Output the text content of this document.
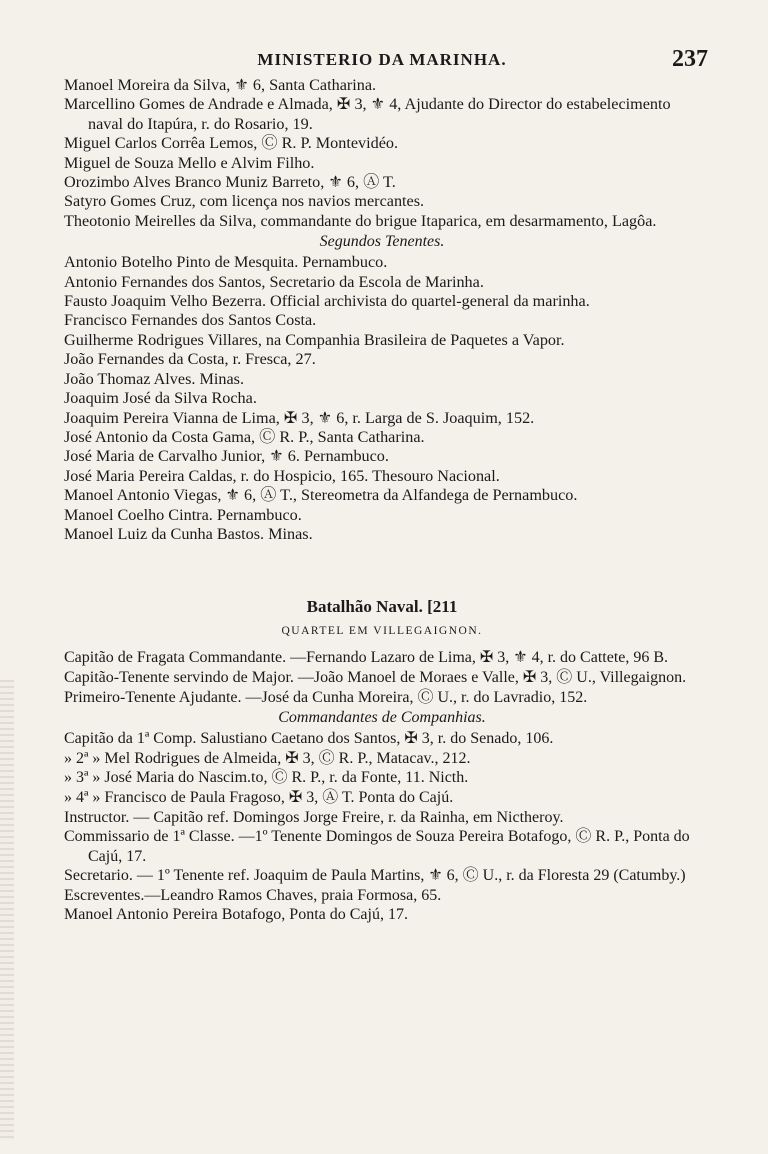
MINISTERIO DA MARINHA.	237

Manoel Moreira da Silva, ⚜ 6, Santa Catharina.

Marcellino Gomes de Andrade e Almada, ✠ 3, ⚜ 4, Ajudante do Director do estabelecimento naval do Itapúra, r. do Rosario, 19.

Miguel Carlos Corrêa Lemos, Ⓒ R. P. Montevidéo.

Miguel de Souza Mello e Alvim Filho.

Orozimbo Alves Branco Muniz Barreto, ⚜ 6, Ⓐ T.

Satyro Gomes Cruz, com licença nos navios mercantes.

Theotonio Meirelles da Silva, commandante do brigue Itaparica, em desarmamento, Lagôa.

Segundos Tenentes.

Antonio Botelho Pinto de Mesquita. Pernambuco.

Antonio Fernandes dos Santos, Secretario da Escola de Marinha.

Fausto Joaquim Velho Bezerra. Official archivista do quartel-general da marinha.

Francisco Fernandes dos Santos Costa.

Guilherme Rodrigues Villares, na Companhia Brasileira de Paquetes a Vapor.

João Fernandes da Costa, r. Fresca, 27.

João Thomaz Alves. Minas.

Joaquim José da Silva Rocha.

Joaquim Pereira Vianna de Lima, ✠ 3, ⚜ 6, r. Larga de S. Joaquim, 152.

José Antonio da Costa Gama, Ⓒ R. P., Santa Catharina.

José Maria de Carvalho Junior, ⚜ 6. Pernambuco.

José Maria Pereira Caldas, r. do Hospicio, 165. Thesouro Nacional.

Manoel Antonio Viegas, ⚜ 6, Ⓐ T., Stereometra da Alfandega de Pernambuco.

Manoel Coelho Cintra. Pernambuco.

Manoel Luiz da Cunha Bastos. Minas.

Batalhão Naval. [211
QUARTEL EM VILLEGAIGNON.

Capitão de Fragata Commandante. —Fernando Lazaro de Lima, ✠ 3, ⚜ 4, r. do Cattete, 96 B.

Capitão-Tenente servindo de Major. —João Manoel de Moraes e Valle, ✠ 3, Ⓒ U., Villegaignon.

Primeiro-Tenente Ajudante. —José da Cunha Moreira, Ⓒ U., r. do Lavradio, 152.

Commandantes de Companhias.

Capitão da 1ª Comp. Salustiano Caetano dos Santos, ✠ 3, r. do Senado, 106.

» 2ª » Mel Rodrigues de Almeida, ✠ 3, Ⓒ R. P., Matacav., 212.

» 3ª » José Maria do Nascim.to, Ⓒ R. P., r. da Fonte, 11. Nicth.

» 4ª » Francisco de Paula Fragoso, ✠ 3, Ⓐ T. Ponta do Cajú.

Instructor. — Capitão ref. Domingos Jorge Freire, r. da Rainha, em Nictheroy.

Commissario de 1ª Classe. —1º Tenente Domingos de Souza Pereira Botafogo, Ⓒ R. P., Ponta do Cajú, 17.

Secretario. — 1º Tenente ref. Joaquim de Paula Martins, ⚜ 6, Ⓒ U., r. da Floresta 29 (Catumby.)

Escreventes.—Leandro Ramos Chaves, praia Formosa, 65.

Manoel Antonio Pereira Botafogo, Ponta do Cajú, 17.
